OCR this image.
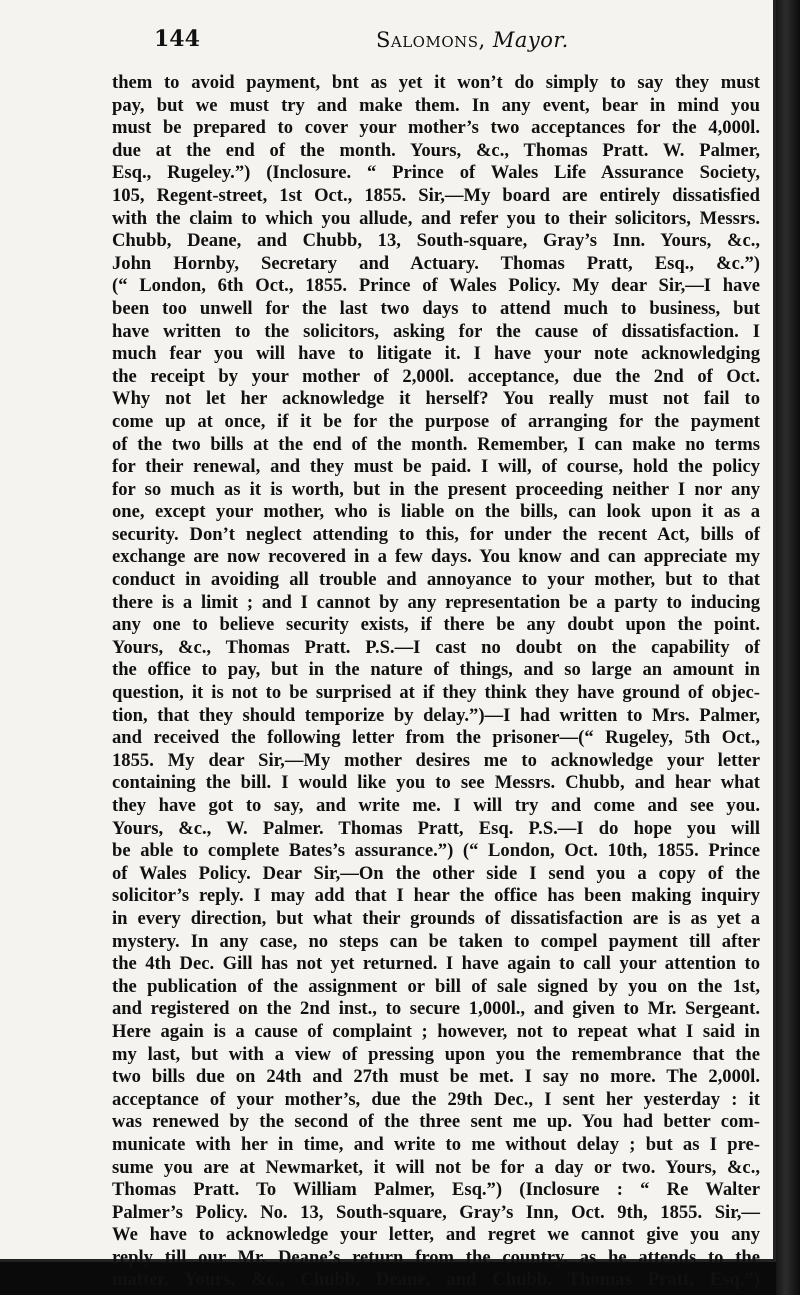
144	Salomons, Mayor.
them to avoid payment, bnt as yet it won’t do simply to say they must
pay, but we must try and make them. In any event, bear in mind you
must be prepared to cover your mother’s two acceptances for the 4,000l.
due at the end of the month. Yours, &c., Thomas Pratt. W. Palmer,
Esq., Rugeley.”) (Inclosure. “ Prince of Wales Life Assurance Society,
105, Regent-street, 1st Oct., 1855. Sir,—My board are entirely dissatisfied
with the claim to which you allude, and refer you to their solicitors, Messrs.
Chubb, Deane, and Chubb, 13, South-square, Gray’s Inn. Yours, &c.,
John Hornby, Secretary and Actuary. Thomas Pratt, Esq., &c.”)
(“ London, 6th Oct., 1855. Prince of Wales Policy. My dear Sir,—I have
been too unwell for the last two days to attend much to business, but
have written to the solicitors, asking for the cause of dissatisfaction. I
much fear you will have to litigate it. I have your note acknowledging
the receipt by your mother of 2,000l. acceptance, due the 2nd of Oct.
Why not let her acknowledge it herself? You really must not fail to
come up at once, if it be for the purpose of arranging for the payment
of the two bills at the end of the month. Remember, I can make no terms
for their renewal, and they must be paid. I will, of course, hold the policy
for so much as it is worth, but in the present proceeding neither I nor any
one, except your mother, who is liable on the bills, can look upon it as a
security. Don’t neglect attending to this, for under the recent Act, bills of
exchange are now recovered in a few days. You know and can appreciate my
conduct in avoiding all trouble and annoyance to your mother, but to that
there is a limit ; and I cannot by any representation be a party to inducing
any one to believe security exists, if there be any doubt upon the point.
Yours, &c., Thomas Pratt. P.S.—I cast no doubt on the capability of
the office to pay, but in the nature of things, and so large an amount in
question, it is not to be surprised at if they think they have ground of objec-
tion, that they should temporize by delay.”)—I had written to Mrs. Palmer,
and received the following letter from the prisoner—(“ Rugeley, 5th Oct.,
1855. My dear Sir,—My mother desires me to acknowledge your letter
containing the bill. I would like you to see Messrs. Chubb, and hear what
they have got to say, and write me. I will try and come and see you.
Yours, &c., W. Palmer. Thomas Pratt, Esq. P.S.—I do hope you will
be able to complete Bates’s assurance.”) (“ London, Oct. 10th, 1855. Prince
of Wales Policy. Dear Sir,—On the other side I send you a copy of the
solicitor’s reply. I may add that I hear the office has been making inquiry
in every direction, but what their grounds of dissatisfaction are is as yet a
mystery. In any case, no steps can be taken to compel payment till after
the 4th Dec. Gill has not yet returned. I have again to call your attention to
the publication of the assignment or bill of sale signed by you on the 1st,
and registered on the 2nd inst., to secure 1,000l., and given to Mr. Sergeant.
Here again is a cause of complaint ; however, not to repeat what I said in
my last, but with a view of pressing upon you the remembrance that the
two bills due on 24th and 27th must be met. I say no more. The 2,000l.
acceptance of your mother’s, due the 29th Dec., I sent her yesterday : it
was renewed by the second of the three sent me up. You had better com-
municate with her in time, and write to me without delay ; but as I pre-
sume you are at Newmarket, it will not be for a day or two. Yours, &c.,
Thomas Pratt. To William Palmer, Esq.”) (Inclosure : “ Re Walter
Palmer’s Policy. No. 13, South-square, Gray’s Inn, Oct. 9th, 1855. Sir,—
We have to acknowledge your letter, and regret we cannot give you any
reply till our Mr. Deane’s return from the country, as he attends to the
matter. Yours, &c., Chubb, Deane, and Chubb. Thomas Pratt, Esq.”)
